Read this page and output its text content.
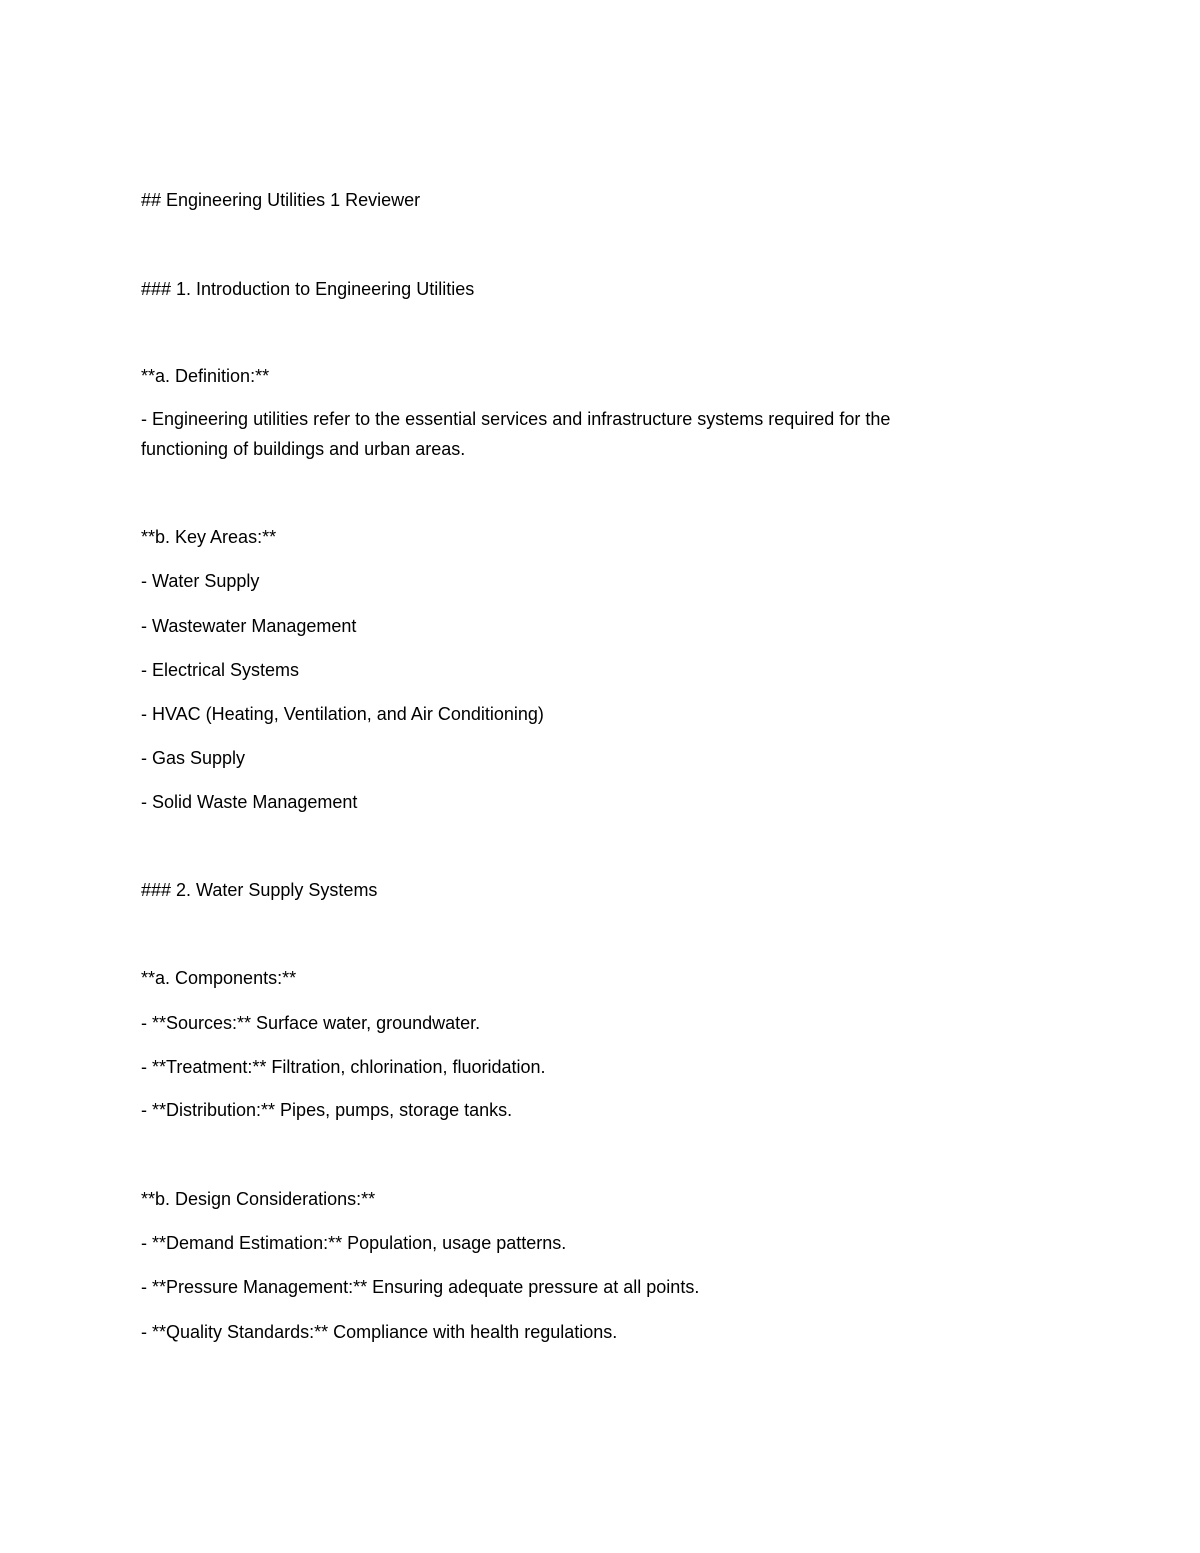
## Engineering Utilities 1 Reviewer

### 1. Introduction to Engineering Utilities

**a. Definition:**

- Engineering utilities refer to the essential services and infrastructure systems required for the functioning of buildings and urban areas.

**b. Key Areas:**

- Water Supply

- Wastewater Management

- Electrical Systems

- HVAC (Heating, Ventilation, and Air Conditioning)

- Gas Supply

- Solid Waste Management

### 2. Water Supply Systems

**a. Components:**

- **Sources:** Surface water, groundwater.

- **Treatment:** Filtration, chlorination, fluoridation.

- **Distribution:** Pipes, pumps, storage tanks.

**b. Design Considerations:**

- **Demand Estimation:** Population, usage patterns.

- **Pressure Management:** Ensuring adequate pressure at all points.

- **Quality Standards:** Compliance with health regulations.
